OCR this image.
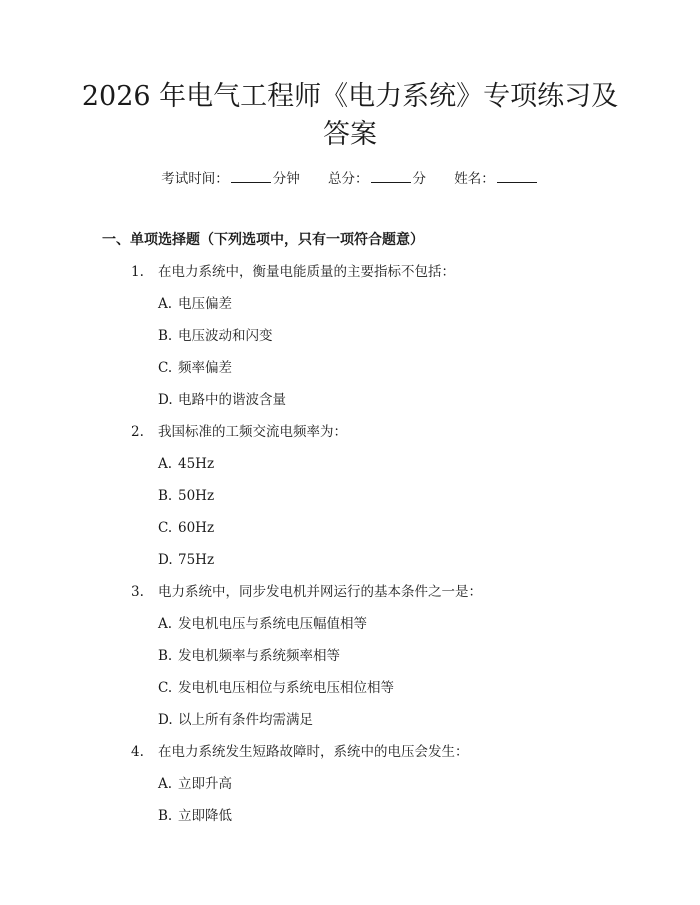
2026 年电气工程师《电力系统》专项练习及
答案
考试时间：	分钟 总分：	分 姓名：
一、单项选择题（下列选项中，只有一项符合题意）
1. 在电力系统中，衡量电能质量的主要指标不包括：
A. 电压偏差
B. 电压波动和闪变
C. 频率偏差
D. 电路中的谐波含量
2. 我国标准的工频交流电频率为：
A. 45Hz
B. 50Hz
C. 60Hz
D. 75Hz
3. 电力系统中，同步发电机并网运行的基本条件之一是：
A. 发电机电压与系统电压幅值相等
B. 发电机频率与系统频率相等
C. 发电机电压相位与系统电压相位相等
D. 以上所有条件均需满足
4. 在电力系统发生短路故障时，系统中的电压会发生：
A. 立即升高
B. 立即降低
